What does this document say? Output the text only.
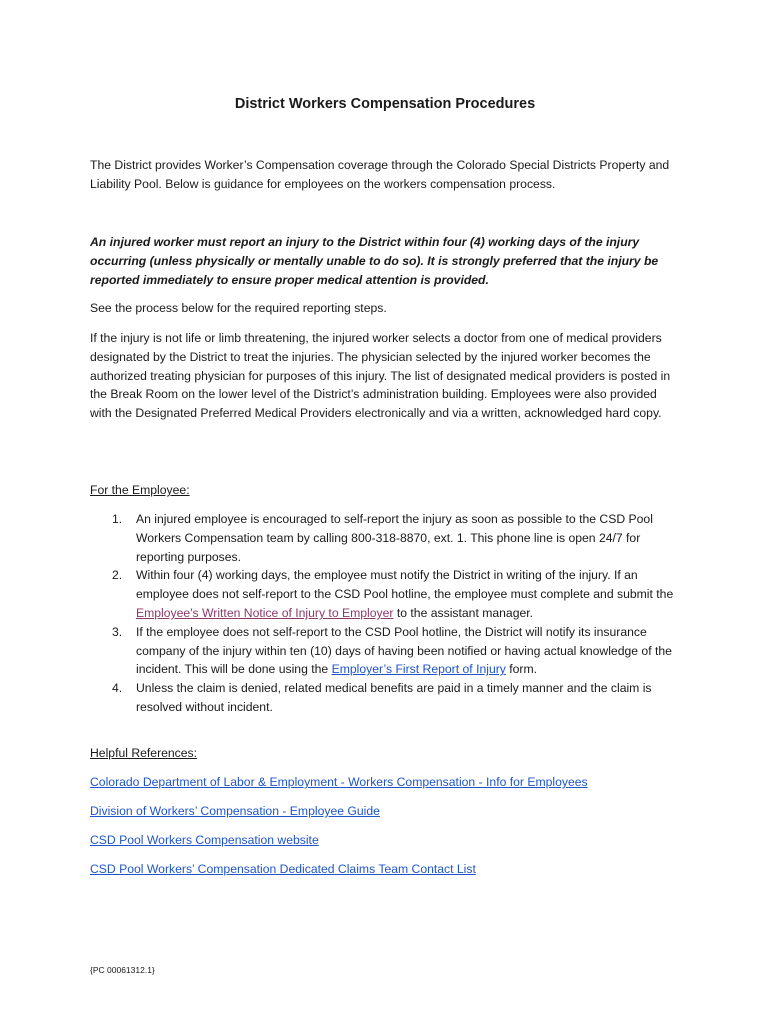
District Workers Compensation Procedures
The District provides Worker’s Compensation coverage through the Colorado Special Districts Property and Liability Pool. Below is guidance for employees on the workers compensation process.
An injured worker must report an injury to the District within four (4) working days of the injury occurring (unless physically or mentally unable to do so). It is strongly preferred that the injury be reported immediately to ensure proper medical attention is provided.
See the process below for the required reporting steps.
If the injury is not life or limb threatening, the injured worker selects a doctor from one of medical providers designated by the District to treat the injuries. The physician selected by the injured worker becomes the authorized treating physician for purposes of this injury. The list of designated medical providers is posted in the Break Room on the lower level of the District’s administration building. Employees were also provided with the Designated Preferred Medical Providers electronically and via a written, acknowledged hard copy.
For the Employee:
1. An injured employee is encouraged to self-report the injury as soon as possible to the CSD Pool Workers Compensation team by calling 800-318-8870, ext. 1. This phone line is open 24/7 for reporting purposes.
2. Within four (4) working days, the employee must notify the District in writing of the injury. If an employee does not self-report to the CSD Pool hotline, the employee must complete and submit the Employee's Written Notice of Injury to Employer to the assistant manager.
3. If the employee does not self-report to the CSD Pool hotline, the District will notify its insurance company of the injury within ten (10) days of having been notified or having actual knowledge of the incident. This will be done using the Employer’s First Report of Injury form.
4. Unless the claim is denied, related medical benefits are paid in a timely manner and the claim is resolved without incident.
Helpful References:
Colorado Department of Labor & Employment - Workers Compensation - Info for Employees
Division of Workers’ Compensation - Employee Guide
CSD Pool Workers Compensation website
CSD Pool Workers’ Compensation Dedicated Claims Team Contact List
{PC 00061312.1}
